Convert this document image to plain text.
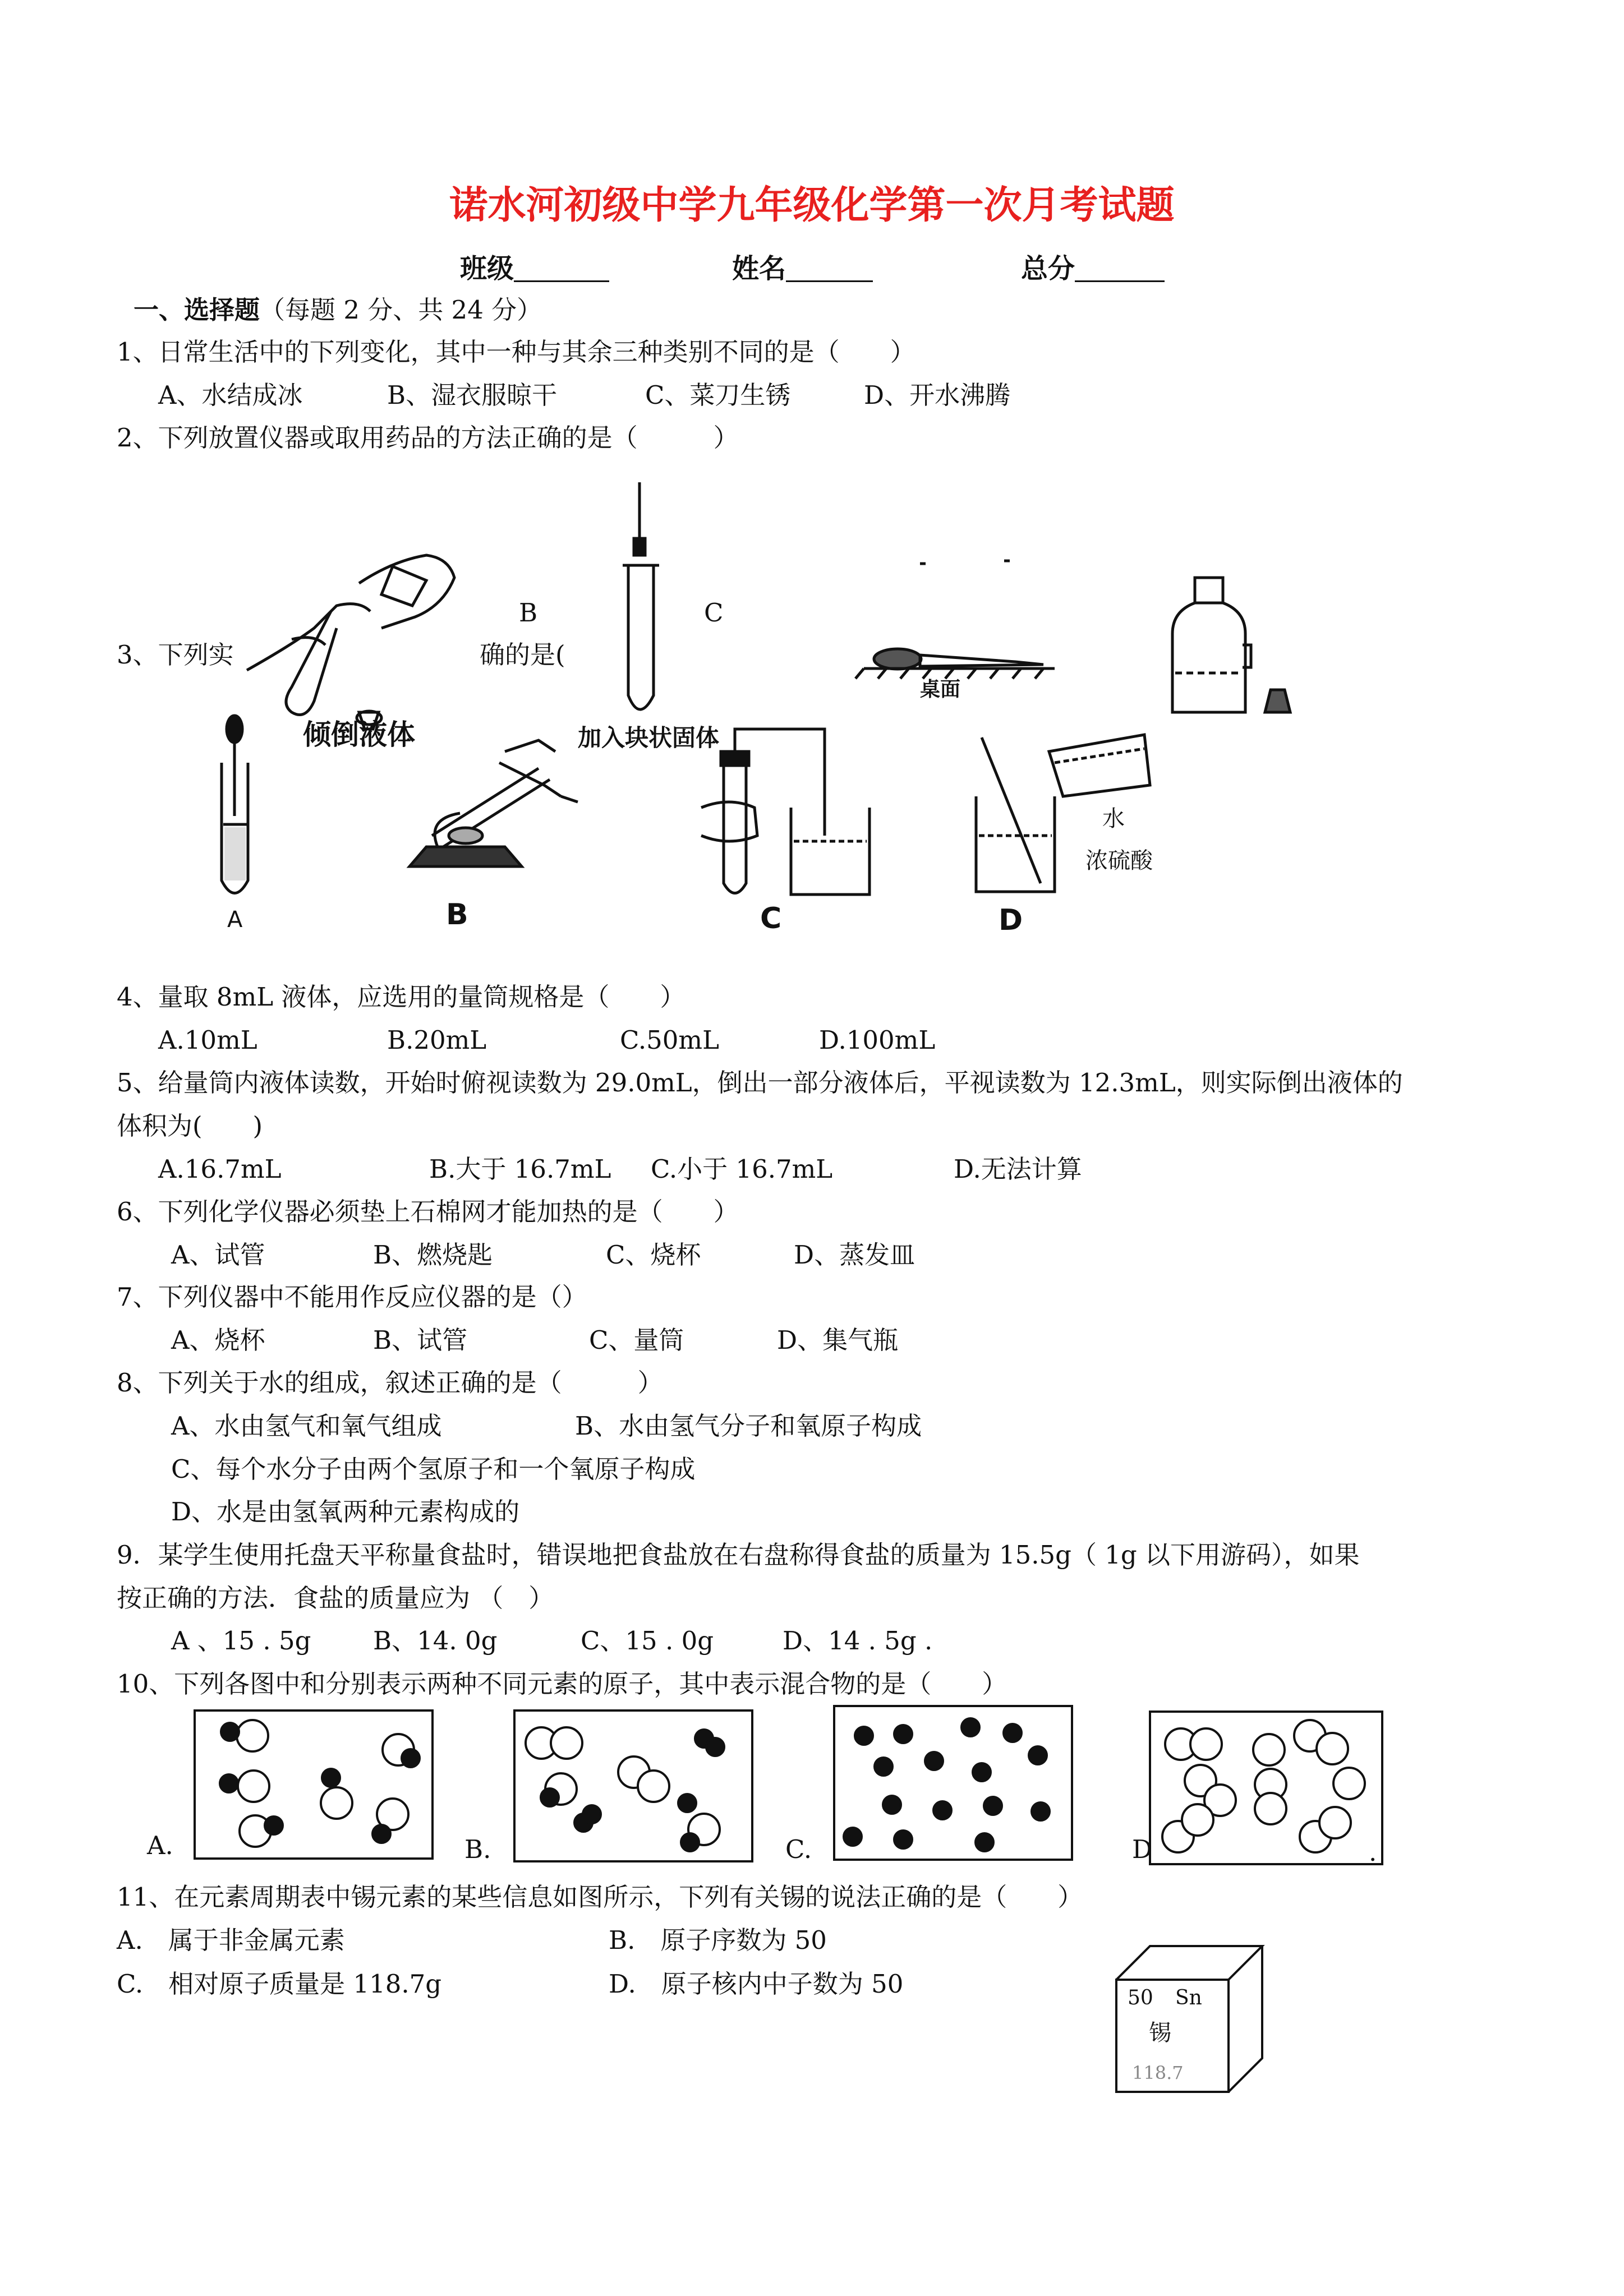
诺水河初级中学九年级化学第一次月考试题
班级	姓名	总分
一、选择题（每题 2 分、共 24 分）
1、日常生活中的下列变化，其中一种与其余三种类别不同的是（　　）
A、水结成冰	B、湿衣服晾干	C、菜刀生锈	D、开水沸腾
2、下列放置仪器或取用药品的方法正确的是（　　　）
倾倒液体
B	C
加入块状固体
桌面
3、下列实	确的是(
A	B	C	D
水
浓硫酸
4、量取 8mL 液体，应选用的量筒规格是（　　）
A.10mL	B.20mL	C.50mL	D.100mL
5、给量筒内液体读数，开始时俯视读数为 29.0mL，倒出一部分液体后，平视读数为 12.3mL，则实际倒出液体的
体积为(　　)
A.16.7mL	B.大于 16.7mL C.小于 16.7mL	D.无法计算
6、下列化学仪器必须垫上石棉网才能加热的是（　　）
A、试管	B、燃烧匙	C、烧杯	D、蒸发皿
7、下列仪器中不能用作反应仪器的是（）
A、烧杯	B、试管	C、量筒	D、集气瓶
8、下列关于水的组成，叙述正确的是（　　　）
A、水由氢气和氧气组成	B、水由氢气分子和氧原子构成
C、每个水分子由两个氢原子和一个氧原子构成
D、水是由氢氧两种元素构成的
9．某学生使用托盘天平称量食盐时，错误地把食盐放在右盘称得食盐的质量为 15.5g（ 1g 以下用游码），如果
按正确的方法．食盐的质量应为 （　）
A 、15 . 5g B、14. 0g	C、15 . 0g	D、14 . 5g .
10、下列各图中和分别表示两种不同元素的原子，其中表示混合物的是（　　）
A.	B.	C.	D	.
11、在元素周期表中锡元素的某些信息如图所示，下列有关锡的说法正确的是（　　）
A.　属于非金属元素	B.　原子序数为 50
C.　相对原子质量是 118.7g	D.　原子核内中子数为 50	50 Sn
锡
118.7
